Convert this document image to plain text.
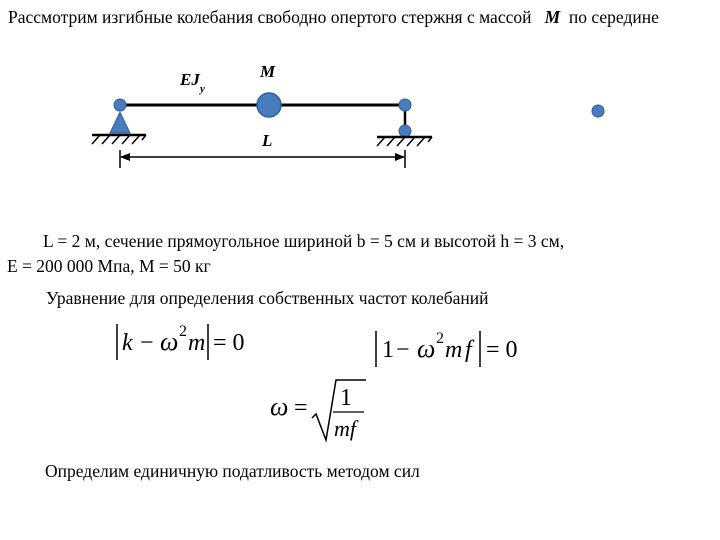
Рассмотрим изгибные колебания свободно опертого стержня с массой M по середине
M
EJ y
L
k − ω 2 m = 0	1 − ω 2 m f = 0
ω = 1
mf
L = 2 м, сечение прямоугольное шириной b = 5 см и высотой h = 3 см,
E = 200 000 Мпа, M = 50 кг
Уравнение для определения собственных частот колебаний
Определим единичную податливость методом сил
